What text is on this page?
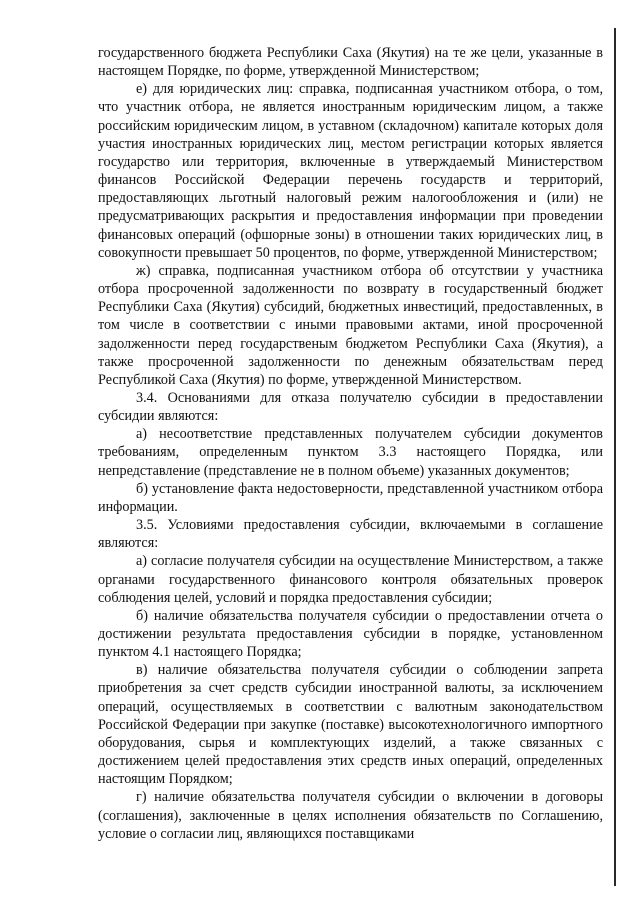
государственного бюджета Республики Саха (Якутия) на те же цели, указанные в настоящем Порядке, по форме, утвержденной Министерством;

е) для юридических лиц: справка, подписанная участником отбора, о том, что участник отбора, не является иностранным юридическим лицом, а также российским юридическим лицом, в уставном (складочном) капитале которых доля участия иностранных юридических лиц, местом регистрации которых является государство или территория, включенные в утверждаемый Министерством финансов Российской Федерации перечень государств и территорий, предоставляющих льготный налоговый режим налогообложения и (или) не предусматривающих раскрытия и предоставления информации при проведении финансовых операций (офшорные зоны) в отношении таких юридических лиц, в совокупности превышает 50 процентов, по форме, утвержденной Министерством;

ж) справка, подписанная участником отбора об отсутствии у участника отбора просроченной задолженности по возврату в государственный бюджет Республики Саха (Якутия) субсидий, бюджетных инвестиций, предоставленных, в том числе в соответствии с иными правовыми актами, иной просроченной задолженности перед государственым бюджетом Республики Саха (Якутия), а также просроченной задолженности по денежным обязательствам перед Республикой Саха (Якутия) по форме, утвержденной Министерством.

3.4. Основаниями для отказа получателю субсидии в предоставлении субсидии являются:

а) несоответствие представленных получателем субсидии документов требованиям, определенным пунктом 3.3 настоящего Порядка, или непредставление (представление не в полном объеме) указанных документов;

б) установление факта недостоверности, представленной участником отбора информации.

3.5. Условиями предоставления субсидии, включаемыми в соглашение являются:

а) согласие получателя субсидии на осуществление Министерством, а также органами государственного финансового контроля обязательных проверок соблюдения целей, условий и порядка предоставления субсидии;

б) наличие обязательства получателя субсидии о предоставлении отчета о достижении результата предоставления субсидии в порядке, установленном пунктом 4.1 настоящего Порядка;

в) наличие обязательства получателя субсидии о соблюдении запрета приобретения за счет средств субсидии иностранной валюты, за исключением операций, осуществляемых в соответствии с валютным законодательством Российской Федерации при закупке (поставке) высокотехнологичного импортного оборудования, сырья и комплектующих изделий, а также связанных с достижением целей предоставления этих средств иных операций, определенных настоящим Порядком;

г) наличие обязательства получателя субсидии о включении в договоры (соглашения), заключенные в целях исполнения обязательств по Соглашению, условие о согласии лиц, являющихся поставщиками
